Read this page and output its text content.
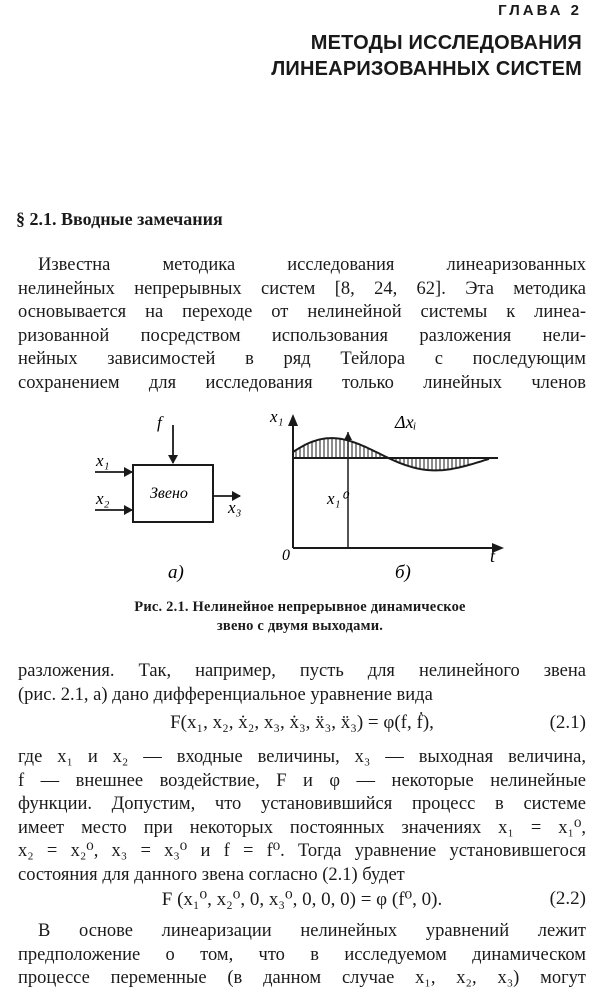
ГЛАВА 2
МЕТОДЫ ИССЛЕДОВАНИЯ
ЛИНЕАРИЗОВАННЫХ СИСТЕМ
§ 2.1. Вводные замечания
Известна методика исследования линеаризованных
нелинейных непрерывных систем [8, 24, 62]. Эта методика
основывается на переходе от нелинейной системы к линеа-
ризованной посредством использования разложения нели-
нейных зависимостей в ряд Тейлора с последующим
сохранением для исследования только линейных членов
Звено
f
x₁
x₂	x₃
а)
x₁	Δxᵢ
x₁⁰
0	t
б)
Рис. 2.1. Нелинейное непрерывное динамическое
звено с двумя выходами.
разложения. Так, например, пусть для нелинейного звена
(рис. 2.1, а) дано дифференциальное уравнение вида
F(x₁, x₂, ẋ₂, x₃, ẋ₃, ẍ₃, ẍ₃) = φ(f, ḟ),	(2.1)
где x₁ и x₂ — входные величины, x₃ — выходная величина,
f — внешнее воздействие, F и φ — некоторые нелинейные
функции. Допустим, что установившийся процесс в системе
имеет место при некоторых постоянных значениях x₁ = x₁⁰,
x₂ = x₂⁰, x₃ = x₃⁰ и f = f⁰. Тогда уравнение установившегося
состояния для данного звена согласно (2.1) будет
F (x₁⁰, x₂⁰, 0, x₃⁰, 0, 0, 0) = φ (f⁰, 0).	(2.2)
В основе линеаризации нелинейных уравнений лежит
предположение о том, что в исследуемом динамическом
процессе переменные (в данном случае x₁, x₂, x₃) могут
